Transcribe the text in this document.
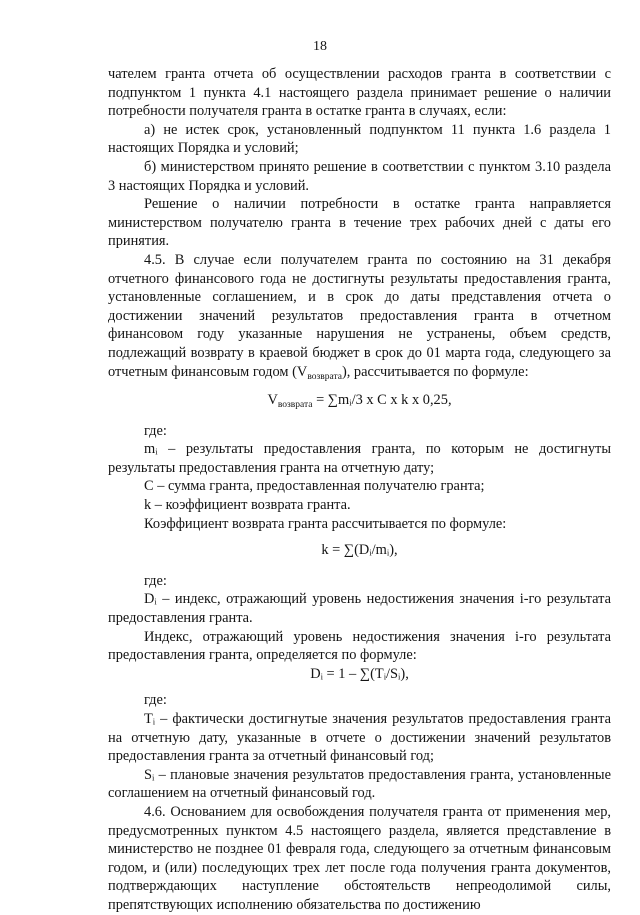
18

чателем гранта отчета об осуществлении расходов гранта в соответствии с подпунктом 1 пункта 4.1 настоящего раздела принимает решение о наличии потребности получателя гранта в остатке гранта в случаях, если:

а) не истек срок, установленный подпунктом 11 пункта 1.6 раздела 1 настоящих Порядка и условий;

б) министерством принято решение в соответствии с пунктом 3.10 раздела 3 настоящих Порядка и условий.

Решение о наличии потребности в остатке гранта направляется министерством получателю гранта в течение трех рабочих дней с даты его принятия.

4.5. В случае если получателем гранта по состоянию на 31 декабря отчетного финансового года не достигнуты результаты предоставления гранта, установленные соглашением, и в срок до даты представления отчета о достижении значений результатов предоставления гранта в отчетном финансовом году указанные нарушения не устранены, объем средств, подлежащий возврату в краевой бюджет в срок до 01 марта года, следующего за отчетным финансовым годом $(V_{возврата})$, рассчитывается по формуле:

$V_{возврата}$ = ∑mᵢ/3 х С х k х 0,25,

где:

mᵢ – результаты предоставления гранта, по которым не достигнуты результаты предоставления гранта на отчетную дату;

С – сумма гранта, предоставленная получателю гранта;

k – коэффициент возврата гранта.

Коэффициент возврата гранта рассчитывается по формуле:

k = ∑(Dᵢ/mᵢ),

где:

Dᵢ – индекс, отражающий уровень недостижения значения i-го результата предоставления гранта.

Индекс, отражающий уровень недостижения значения i-го результата предоставления гранта, определяется по формуле:

Dᵢ = 1 – ∑(Tᵢ/Sᵢ),

где:

Tᵢ – фактически достигнутые значения результатов предоставления гранта на отчетную дату, указанные в отчете о достижении значений результатов предоставления гранта за отчетный финансовый год;

Sᵢ – плановые значения результатов предоставления гранта, установленные соглашением на отчетный финансовый год.

4.6. Основанием для освобождения получателя гранта от применения мер, предусмотренных пунктом 4.5 настоящего раздела, является представление в министерство не позднее 01 февраля года, следующего за отчетным финансовым годом, и (или) последующих трех лет после года получения гранта документов, подтверждающих наступление обстоятельств непреодолимой силы, препятствующих исполнению обязательства по достижению
